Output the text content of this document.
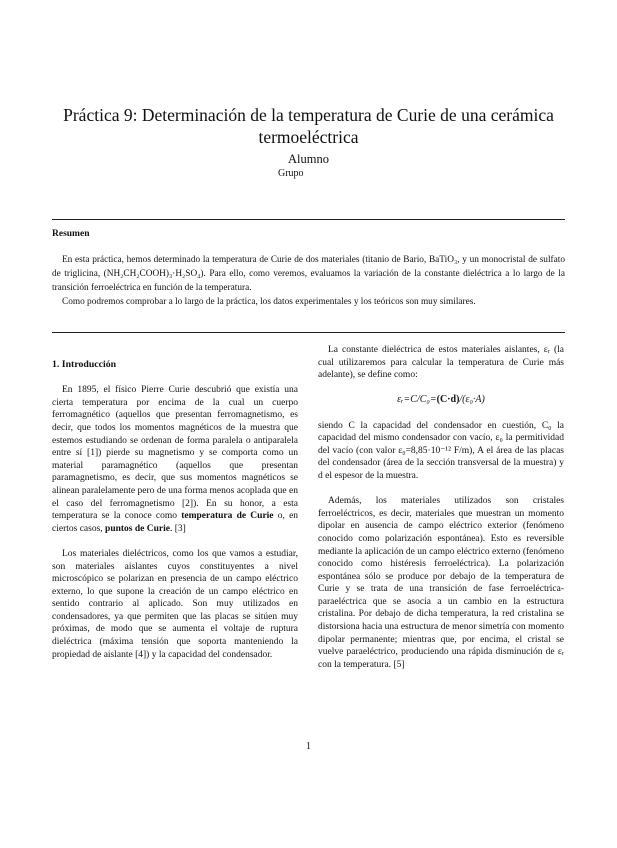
Práctica 9: Determinación de la temperatura de Curie de una cerámica termoeléctrica
Alumno
Grupo
Resumen

En esta práctica, hemos determinado la temperatura de Curie de dos materiales (titanio de Bario, BaTiO₃, y un monocristal de sulfato de triglicina, (NH₂CH₂COOH)₃·H₂SO₄). Para ello, como veremos, evaluamos la variación de la constante dieléctrica a lo largo de la transición ferroeléctrica en función de la temperatura.

Como podremos comprobar a lo largo de la práctica, los datos experimentales y los teóricos son muy similares.

1. Introducción

En 1895, el físico Pierre Curie descubrió que existía una cierta temperatura por encima de la cual un cuerpo ferromagnético (aquellos que presentan ferromagnetismo, es decir, que todos los momentos magnéticos de la muestra que estemos estudiando se ordenan de forma paralela o antiparalela entre sí [1]) pierde su magnetismo y se comporta como un material paramagnético (aquellos que presentan paramagnetismo, es decir, que sus momentos magnéticos se alinean paralelamente pero de una forma menos acoplada que en el caso del ferromagnetismo [2]). En su honor, a esta temperatura se la conoce como temperatura de Curie o, en ciertos casos, puntos de Curie. [3]

Los materiales dieléctricos, como los que vamos a estudiar, son materiales aislantes cuyos constituyentes a nivel microscópico se polarizan en presencia de un campo eléctrico externo, lo que supone la creación de un campo eléctrico en sentido contrario al aplicado. Son muy utilizados en condensadores, ya que permiten que las placas se sitúen muy próximas, de modo que se aumenta el voltaje de ruptura dieléctrica (máxima tensión que soporta manteniendo la propiedad de aislante [4]) y la capacidad del condensador.

La constante dieléctrica de estos materiales aislantes, εᵣ (la cual utilizaremos para calcular la temperatura de Curie más adelante), se define como:

εᵣ=C/C₀=(C·d)/(ε₀·A)

siendo C la capacidad del condensador en cuestión, C₀ la capacidad del mismo condensador con vacío, ε₀ la permitividad del vacío (con valor ε₀=8,85·10⁻¹² F/m), A el área de las placas del condensador (área de la sección transversal de la muestra) y d el espesor de la muestra.

Además, los materiales utilizados son cristales ferroeléctricos, es decir, materiales que muestran un momento dipolar en ausencia de campo eléctrico exterior (fenómeno conocido como polarización espontánea). Esto es reversible mediante la aplicación de un campo eléctrico externo (fenómeno conocido como histéresis ferroeléctrica). La polarización espontánea sólo se produce por debajo de la temperatura de Curie y se trata de una transición de fase ferroeléctrica-paraeléctrica que se asocia a un cambio en la estructura cristalina. Por debajo de dicha temperatura, la red cristalina se distorsiona hacia una estructura de menor simetría con momento dipolar permanente; mientras que, por encima, el cristal se vuelve paraeléctrico, produciendo una rápida disminución de εᵣ con la temperatura. [5]

1
